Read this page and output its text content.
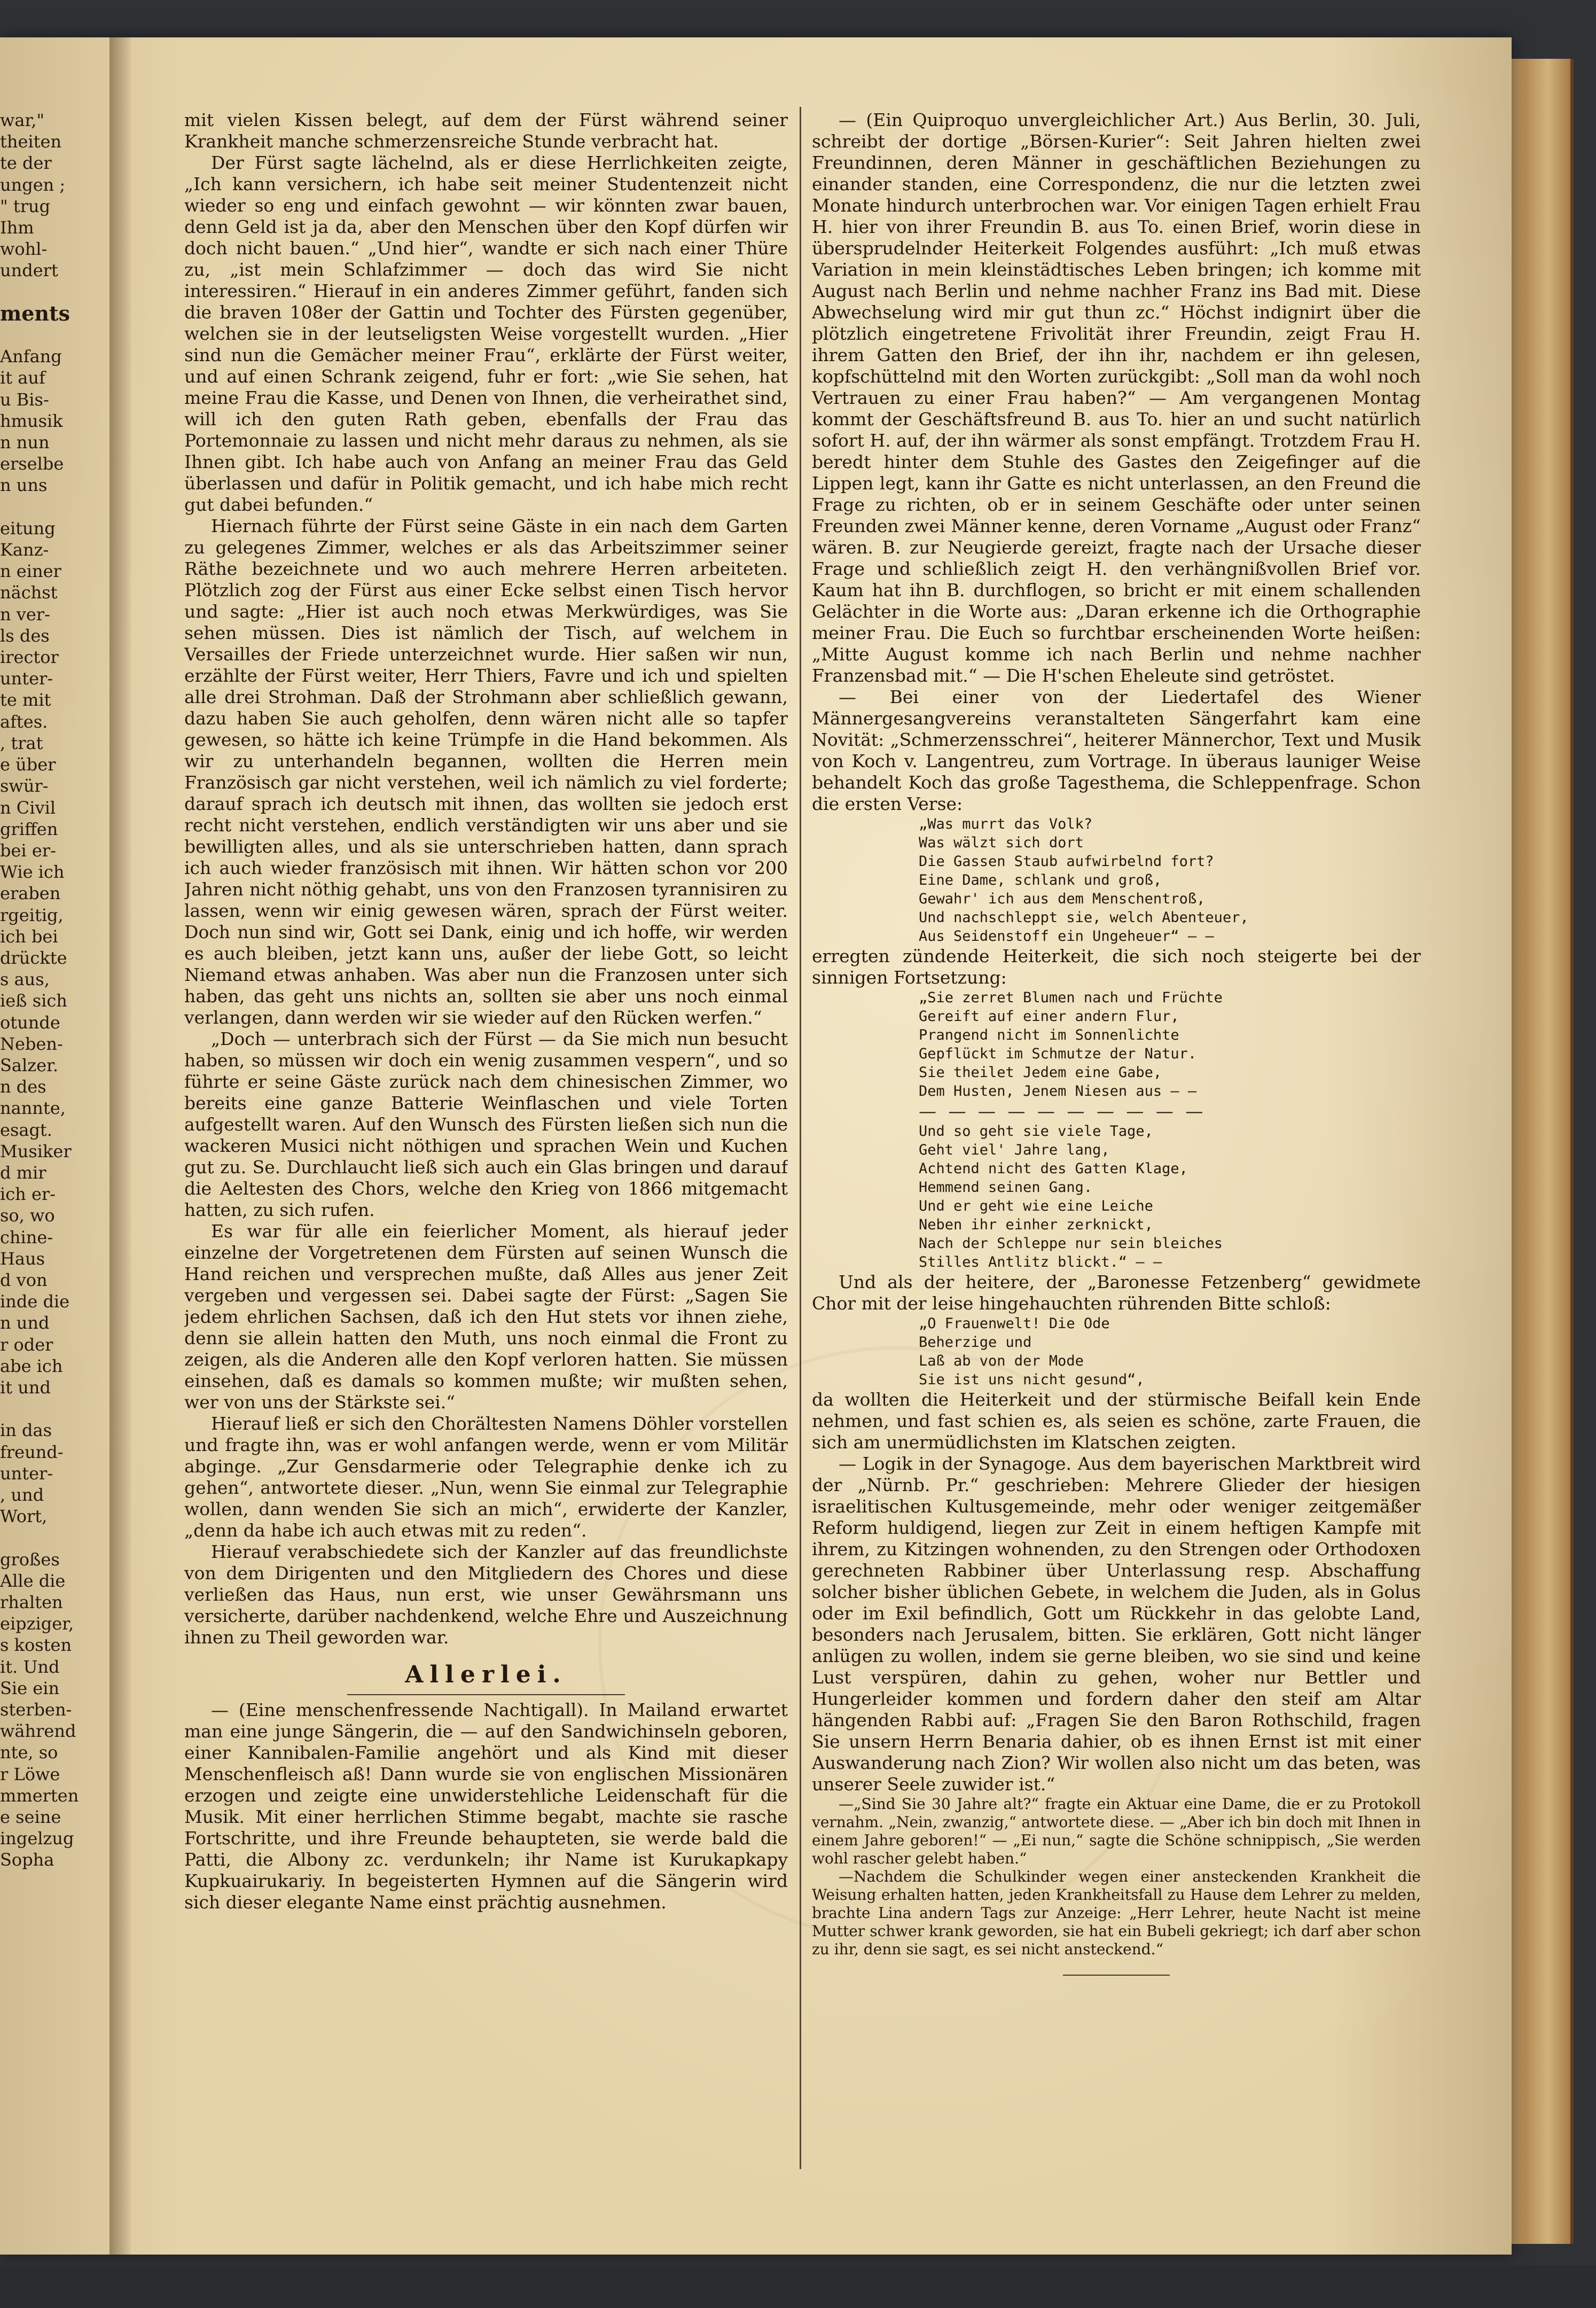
war,"
theiten
te der
ungen ;
" trug
Ihm
wohl-
undert

ments

Anfang
it auf
u Bis-
hmusik
n nun
erselbe
n uns

eitung
Kanz-
n einer
nächst
n ver-
ls des
irector
unter-
te mit
aftes.
, trat
e über
swür-
n Civil
griffen
bei er-
Wie ich
eraben
rgeitig,
ich bei
drückte
s aus,
ieß sich
otunde
Neben-
Salzer.
n des
nannte,
esagt.
Musiker
d mir
ich er-
so, wo
chine-
Haus
d von
inde die
n und
r oder
abe ich
it und

in das
freund-
unter-
, und
Wort,

großes
Alle die
rhalten
eipziger,
s kosten
it. Und
Sie ein
sterben-
während
nte, so
r Löwe
mmerten
e seine
ingelzug
Sopha

mit vielen Kissen belegt, auf dem der Fürst während seiner Krankheit manche schmerzensreiche Stunde verbracht hat.

Der Fürst sagte lächelnd, als er diese Herrlichkeiten zeigte, „Ich kann versichern, ich habe seit meiner Studentenzeit nicht wieder so eng und einfach gewohnt — wir könnten zwar bauen, denn Geld ist ja da, aber den Menschen über den Kopf dürfen wir doch nicht bauen.“ „Und hier“, wandte er sich nach einer Thüre zu, „ist mein Schlafzimmer — doch das wird Sie nicht interessiren.“ Hierauf in ein anderes Zimmer geführt, fanden sich die braven 108er der Gattin und Tochter des Fürsten gegenüber, welchen sie in der leutseligsten Weise vorgestellt wurden. „Hier sind nun die Gemächer meiner Frau“, erklärte der Fürst weiter, und auf einen Schrank zeigend, fuhr er fort: „wie Sie sehen, hat meine Frau die Kasse, und Denen von Ihnen, die verheirathet sind, will ich den guten Rath geben, ebenfalls der Frau das Portemonnaie zu lassen und nicht mehr daraus zu nehmen, als sie Ihnen gibt. Ich habe auch von Anfang an meiner Frau das Geld überlassen und dafür in Politik gemacht, und ich habe mich recht gut dabei befunden.“

Hiernach führte der Fürst seine Gäste in ein nach dem Garten zu gelegenes Zimmer, welches er als das Arbeitszimmer seiner Räthe bezeichnete und wo auch mehrere Herren arbeiteten. Plötzlich zog der Fürst aus einer Ecke selbst einen Tisch hervor und sagte: „Hier ist auch noch etwas Merkwürdiges, was Sie sehen müssen. Dies ist nämlich der Tisch, auf welchem in Versailles der Friede unterzeichnet wurde. Hier saßen wir nun, erzählte der Fürst weiter, Herr Thiers, Favre und ich und spielten alle drei Strohman. Daß der Strohmann aber schließlich gewann, dazu haben Sie auch geholfen, denn wären nicht alle so tapfer gewesen, so hätte ich keine Trümpfe in die Hand bekommen. Als wir zu unterhandeln begannen, wollten die Herren mein Französisch gar nicht verstehen, weil ich nämlich zu viel forderte; darauf sprach ich deutsch mit ihnen, das wollten sie jedoch erst recht nicht verstehen, endlich verständigten wir uns aber und sie bewilligten alles, und als sie unterschrieben hatten, dann sprach ich auch wieder französisch mit ihnen. Wir hätten schon vor 200 Jahren nicht nöthig gehabt, uns von den Franzosen tyrannisiren zu lassen, wenn wir einig gewesen wären, sprach der Fürst weiter. Doch nun sind wir, Gott sei Dank, einig und ich hoffe, wir werden es auch bleiben, jetzt kann uns, außer der liebe Gott, so leicht Niemand etwas anhaben. Was aber nun die Franzosen unter sich haben, das geht uns nichts an, sollten sie aber uns noch einmal verlangen, dann werden wir sie wieder auf den Rücken werfen.“

„Doch — unterbrach sich der Fürst — da Sie mich nun besucht haben, so müssen wir doch ein wenig zusammen vespern“, und so führte er seine Gäste zurück nach dem chinesischen Zimmer, wo bereits eine ganze Batterie Weinflaschen und viele Torten aufgestellt waren. Auf den Wunsch des Fürsten ließen sich nun die wackeren Musici nicht nöthigen und sprachen Wein und Kuchen gut zu. Se. Durchlaucht ließ sich auch ein Glas bringen und darauf die Aeltesten des Chors, welche den Krieg von 1866 mitgemacht hatten, zu sich rufen.

Es war für alle ein feierlicher Moment, als hierauf jeder einzelne der Vorgetretenen dem Fürsten auf seinen Wunsch die Hand reichen und versprechen mußte, daß Alles aus jener Zeit vergeben und vergessen sei. Dabei sagte der Fürst: „Sagen Sie jedem ehrlichen Sachsen, daß ich den Hut stets vor ihnen ziehe, denn sie allein hatten den Muth, uns noch einmal die Front zu zeigen, als die Anderen alle den Kopf verloren hatten. Sie müssen einsehen, daß es damals so kommen mußte; wir mußten sehen, wer von uns der Stärkste sei.“

Hierauf ließ er sich den Chorältesten Namens Döhler vorstellen und fragte ihn, was er wohl anfangen werde, wenn er vom Militär abginge. „Zur Gensdarmerie oder Telegraphie denke ich zu gehen“, antwortete dieser. „Nun, wenn Sie einmal zur Telegraphie wollen, dann wenden Sie sich an mich“, erwiderte der Kanzler, „denn da habe ich auch etwas mit zu reden“.

Hierauf verabschiedete sich der Kanzler auf das freundlichste von dem Dirigenten und den Mitgliedern des Chores und diese verließen das Haus, nun erst, wie unser Gewährsmann uns versicherte, darüber nachdenkend, welche Ehre und Auszeichnung ihnen zu Theil geworden war.

Allerlei.

— (Eine menschenfressende Nachtigall). In Mailand erwartet man eine junge Sängerin, die — auf den Sandwichinseln geboren, einer Kannibalen-Familie angehört und als Kind mit dieser Menschenfleisch aß! Dann wurde sie von englischen Missionären erzogen und zeigte eine unwiderstehliche Leidenschaft für die Musik. Mit einer herrlichen Stimme begabt, machte sie rasche Fortschritte, und ihre Freunde behaupteten, sie werde bald die Patti, die Albony zc. verdunkeln; ihr Name ist Kurukapkapy Kupkuairukariy. In begeisterten Hymnen auf die Sängerin wird sich dieser elegante Name einst prächtig ausnehmen.

— (Ein Quiproquo unvergleichlicher Art.) Aus Berlin, 30. Juli, schreibt der dortige „Börsen-Kurier“: Seit Jahren hielten zwei Freundinnen, deren Männer in geschäftlichen Beziehungen zu einander standen, eine Correspondenz, die nur die letzten zwei Monate hindurch unterbrochen war. Vor einigen Tagen erhielt Frau H. hier von ihrer Freundin B. aus To. einen Brief, worin diese in übersprudelnder Heiterkeit Folgendes ausführt: „Ich muß etwas Variation in mein kleinstädtisches Leben bringen; ich komme mit August nach Berlin und nehme nachher Franz ins Bad mit. Diese Abwechselung wird mir gut thun zc.“ Höchst indignirt über die plötzlich eingetretene Frivolität ihrer Freundin, zeigt Frau H. ihrem Gatten den Brief, der ihn ihr, nachdem er ihn gelesen, kopfschüttelnd mit den Worten zurückgibt: „Soll man da wohl noch Vertrauen zu einer Frau haben?“ — Am vergangenen Montag kommt der Geschäftsfreund B. aus To. hier an und sucht natürlich sofort H. auf, der ihn wärmer als sonst empfängt. Trotzdem Frau H. beredt hinter dem Stuhle des Gastes den Zeigefinger auf die Lippen legt, kann ihr Gatte es nicht unterlassen, an den Freund die Frage zu richten, ob er in seinem Geschäfte oder unter seinen Freunden zwei Männer kenne, deren Vorname „August oder Franz“ wären. B. zur Neugierde gereizt, fragte nach der Ursache dieser Frage und schließlich zeigt H. den verhängnißvollen Brief vor. Kaum hat ihn B. durchflogen, so bricht er mit einem schallenden Gelächter in die Worte aus: „Daran erkenne ich die Orthographie meiner Frau. Die Euch so furchtbar erscheinenden Worte heißen: „Mitte August komme ich nach Berlin und nehme nachher Franzensbad mit.“ — Die H'schen Eheleute sind getröstet.

— Bei einer von der Liedertafel des Wiener Männergesangvereins veranstalteten Sängerfahrt kam eine Novität: „Schmerzensschrei“, heiterer Männerchor, Text und Musik von Koch v. Langentreu, zum Vortrage. In überaus launiger Weise behandelt Koch das große Tagesthema, die Schleppenfrage. Schon die ersten Verse:

„Was murrt das Volk?
Was wälzt sich dort
Die Gassen Staub aufwirbelnd fort?
Eine Dame, schlank und groß,
Gewahr' ich aus dem Menschentroß,
Und nachschleppt sie, welch Abenteuer,
Aus Seidenstoff ein Ungeheuer“ — —

erregten zündende Heiterkeit, die sich noch steigerte bei der sinnigen Fortsetzung:

„Sie zerret Blumen nach und Früchte
Gereift auf einer andern Flur,
Prangend nicht im Sonnenlichte
Gepflückt im Schmutze der Natur.
Sie theilet Jedem eine Gabe,
Dem Husten, Jenem Niesen aus — —
— — — — — — — — — —
Und so geht sie viele Tage,
Geht viel' Jahre lang,
Achtend nicht des Gatten Klage,
Hemmend seinen Gang.
Und er geht wie eine Leiche
Neben ihr einher zerknickt,
Nach der Schleppe nur sein bleiches
Stilles Antlitz blickt.“ — —

Und als der heitere, der „Baronesse Fetzenberg“ gewidmete Chor mit der leise hingehauchten rührenden Bitte schloß:

„O Frauenwelt! Die Ode
Beherzige und
Laß ab von der Mode
Sie ist uns nicht gesund“,

da wollten die Heiterkeit und der stürmische Beifall kein Ende nehmen, und fast schien es, als seien es schöne, zarte Frauen, die sich am unermüdlichsten im Klatschen zeigten.

— Logik in der Synagoge. Aus dem bayerischen Marktbreit wird der „Nürnb. Pr.“ geschrieben: Mehrere Glieder der hiesigen israelitischen Kultusgemeinde, mehr oder weniger zeitgemäßer Reform huldigend, liegen zur Zeit in einem heftigen Kampfe mit ihrem, zu Kitzingen wohnenden, zu den Strengen oder Orthodoxen gerechneten Rabbiner über Unterlassung resp. Abschaffung solcher bisher üblichen Gebete, in welchem die Juden, als in Golus oder im Exil befindlich, Gott um Rückkehr in das gelobte Land, besonders nach Jerusalem, bitten. Sie erklären, Gott nicht länger anlügen zu wollen, indem sie gerne bleiben, wo sie sind und keine Lust verspüren, dahin zu gehen, woher nur Bettler und Hungerleider kommen und fordern daher den steif am Altar hängenden Rabbi auf: „Fragen Sie den Baron Rothschild, fragen Sie unsern Herrn Benaria dahier, ob es ihnen Ernst ist mit einer Auswanderung nach Zion? Wir wollen also nicht um das beten, was unserer Seele zuwider ist.“

—„Sind Sie 30 Jahre alt?“ fragte ein Aktuar eine Dame, die er zu Protokoll vernahm. „Nein, zwanzig,“ antwortete diese. — „Aber ich bin doch mit Ihnen in einem Jahre geboren!“ — „Ei nun,“ sagte die Schöne schnippisch, „Sie werden wohl rascher gelebt haben.“

—Nachdem die Schulkinder wegen einer ansteckenden Krankheit die Weisung erhalten hatten, jeden Krankheitsfall zu Hause dem Lehrer zu melden, brachte Lina andern Tags zur Anzeige: „Herr Lehrer, heute Nacht ist meine Mutter schwer krank geworden, sie hat ein Bubeli gekriegt; ich darf aber schon zu ihr, denn sie sagt, es sei nicht ansteckend.“
